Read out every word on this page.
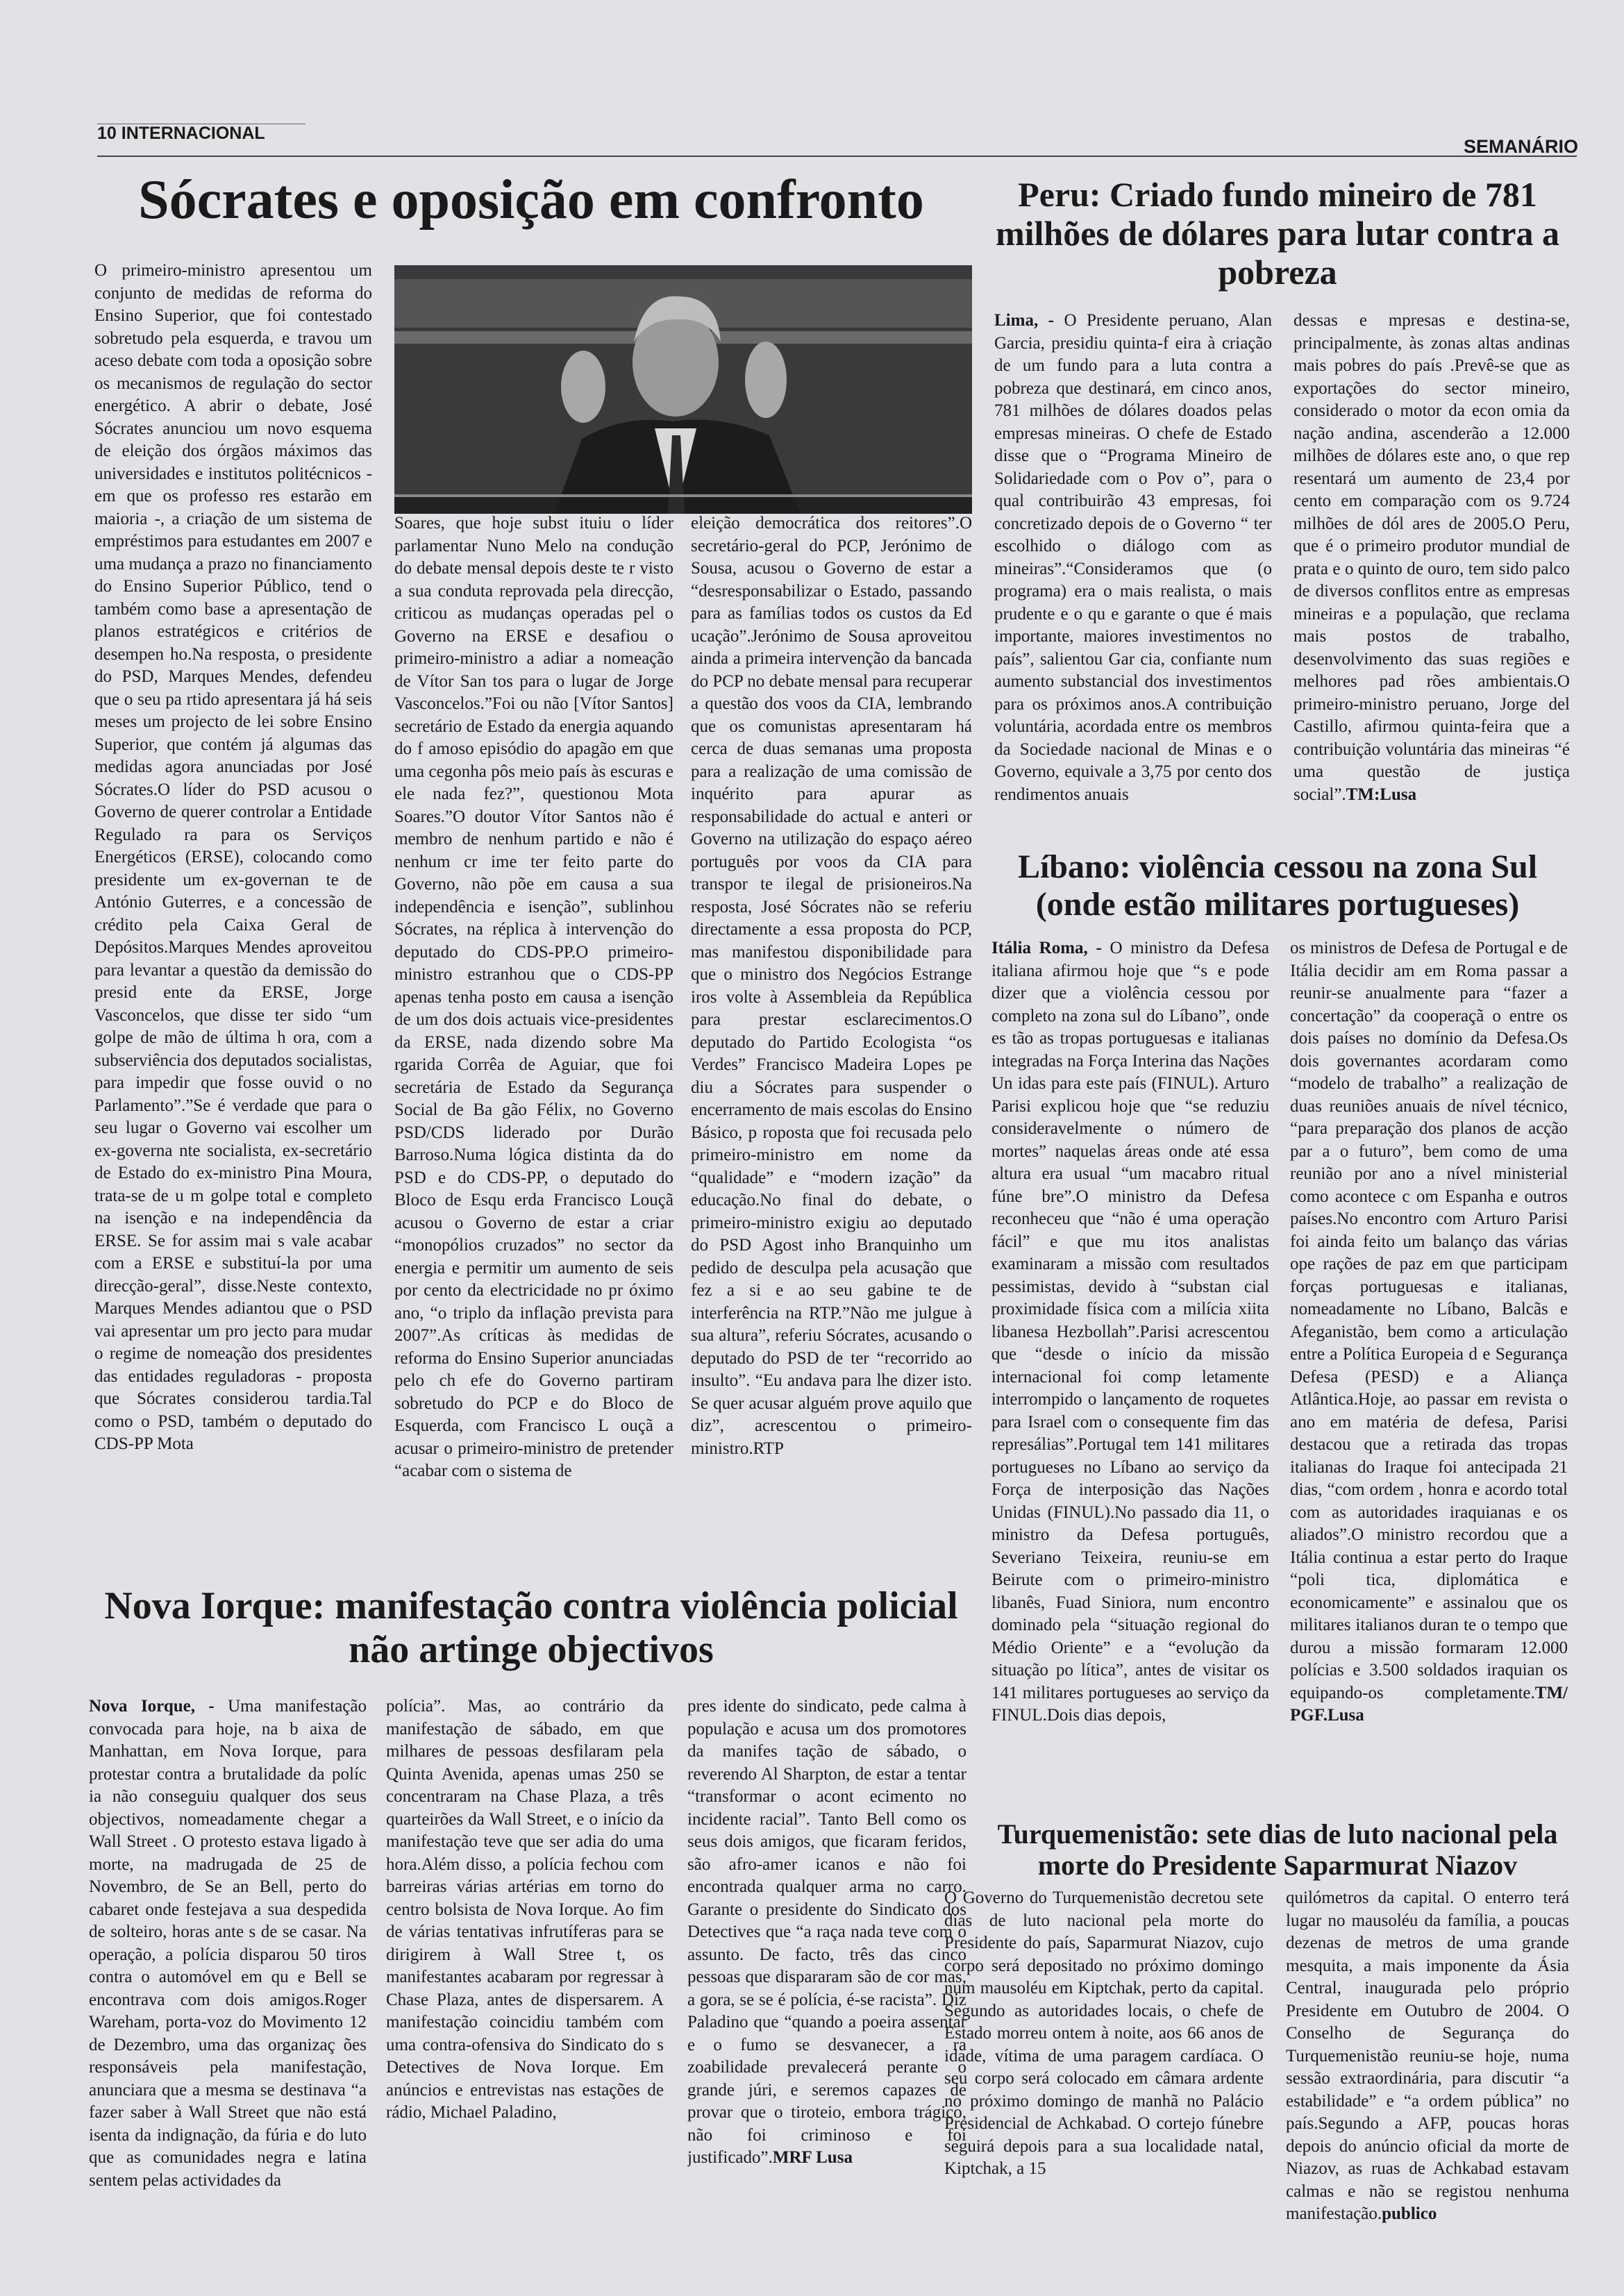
10 INTERNACIONAL
SEMANÁRIO
Sócrates e oposição em confronto

O primeiro-ministro apresentou um conjunto de medidas de reforma do Ensino Superior, que foi contestado sobretudo pela esquerda, e travou um aceso debate com toda a oposição sobre os mecanismos de regulação do sector energético. A abrir o debate, José Sócrates anunciou um novo esquema de eleição dos órgãos máximos das universidades e institutos politécnicos - em que os professo res estarão em maioria -, a criação de um sistema de empréstimos para estudantes em 2007 e uma mudança a prazo no financiamento do Ensino Superior Público, tend o também como base a apresentação de planos estratégicos e critérios de desempen ho.Na resposta, o presidente do PSD, Marques Mendes, defendeu que o seu pa rtido apresentara já há seis meses um projecto de lei sobre Ensino Superior, que contém já algumas das medidas agora anunciadas por José Sócrates.O líder do PSD acusou o Governo de querer controlar a Entidade Regulado ra para os Serviços Energéticos (ERSE), colocando como presidente um ex-governan te de António Guterres, e a concessão de crédito pela Caixa Geral de Depósitos.Marques Mendes aproveitou para levantar a questão da demissão do presid ente da ERSE, Jorge Vasconcelos, que disse ter sido “um golpe de mão de última h ora, com a subserviência dos deputados socialistas, para impedir que fosse ouvid o no Parlamento”.”Se é verdade que para o seu lugar o Governo vai escolher um ex-governa nte socialista, ex-secretário de Estado do ex-ministro Pina Moura, trata-se de u m golpe total e completo na isenção e na independência da ERSE. Se for assim mai s vale acabar com a ERSE e substituí-la por uma direcção-geral”, disse.Neste contexto, Marques Mendes adiantou que o PSD vai apresentar um pro jecto para mudar o regime de nomeação dos presidentes das entidades reguladoras - proposta que Sócrates considerou tardia.Tal como o PSD, também o deputado do CDS-PP Mota

Soares, que hoje subst ituiu o líder parlamentar Nuno Melo na condução do debate mensal depois deste te r visto a sua conduta reprovada pela direcção, criticou as mudanças operadas pel o Governo na ERSE e desafiou o primeiro-ministro a adiar a nomeação de Vítor San tos para o lugar de Jorge Vasconcelos.”Foi ou não [Vítor Santos] secretário de Estado da energia aquando do f amoso episódio do apagão em que uma cegonha pôs meio país às escuras e ele nada fez?”, questionou Mota Soares.”O doutor Vítor Santos não é membro de nenhum partido e não é nenhum cr ime ter feito parte do Governo, não põe em causa a sua independência e isenção”, sublinhou Sócrates, na réplica à intervenção do deputado do CDS-PP.O primeiro-ministro estranhou que o CDS-PP apenas tenha posto em causa a isenção de um dos dois actuais vice-presidentes da ERSE, nada dizendo sobre Ma rgarida Corrêa de Aguiar, que foi secretária de Estado da Segurança Social de Ba gão Félix, no Governo PSD/CDS liderado por Durão Barroso.Numa lógica distinta da do PSD e do CDS-PP, o deputado do Bloco de Esqu erda Francisco Louçã acusou o Governo de estar a criar “monopólios cruzados” no sector da energia e permitir um aumento de seis por cento da electricidade no pr óximo ano, “o triplo da inflação prevista para 2007”.As críticas às medidas de reforma do Ensino Superior anunciadas pelo ch efe do Governo partiram sobretudo do PCP e do Bloco de Esquerda, com Francisco L ouçã a acusar o primeiro-ministro de pretender “acabar com o sistema de

eleição democrática dos reitores”.O secretário-geral do PCP, Jerónimo de Sousa, acusou o Governo de estar a “desresponsabilizar o Estado, passando para as famílias todos os custos da Ed ucação”.Jerónimo de Sousa aproveitou ainda a primeira intervenção da bancada do PCP no debate mensal para recuperar a questão dos voos da CIA, lembrando que os comunistas apresentaram há cerca de duas semanas uma proposta para a realização de uma comissão de inquérito para apurar as responsabilidade do actual e anteri or Governo na utilização do espaço aéreo português por voos da CIA para transpor te ilegal de prisioneiros.Na resposta, José Sócrates não se referiu directamente a essa proposta do PCP, mas manifestou disponibilidade para que o ministro dos Negócios Estrange iros volte à Assembleia da República para prestar esclarecimentos.O deputado do Partido Ecologista “os Verdes” Francisco Madeira Lopes pe diu a Sócrates para suspender o encerramento de mais escolas do Ensino Básico, p roposta que foi recusada pelo primeiro-ministro em nome da “qualidade” e “modern ização” da educação.No final do debate, o primeiro-ministro exigiu ao deputado do PSD Agost inho Branquinho um pedido de desculpa pela acusação que fez a si e ao seu gabine te de interferência na RTP.”Não me julgue à sua altura”, referiu Sócrates, acusando o deputado do PSD de ter “recorrido ao insulto”. “Eu andava para lhe dizer isto. Se quer acusar alguém prove aquilo que diz”, acrescentou o primeiro-ministro.RTP

Peru: Criado fundo mineiro de 781 milhões de dólares para lutar contra a pobreza

Lima, - O Presidente peruano, Alan Garcia, presidiu quinta-f eira à criação de um fundo para a luta contra a pobreza que destinará, em cinco anos, 781 milhões de dólares doados pelas empresas mineiras. O chefe de Estado disse que o “Programa Mineiro de Solidariedade com o Pov o”, para o qual contribuirão 43 empresas, foi concretizado depois de o Governo “ ter escolhido o diálogo com as mineiras”.“Consideramos que (o programa) era o mais realista, o mais prudente e o qu e garante o que é mais importante, maiores investimentos no país”, salientou Gar cia, confiante num aumento substancial dos investimentos para os próximos anos.A contribuição voluntária, acordada entre os membros da Sociedade nacional de Minas e o Governo, equivale a 3,75 por cento dos rendimentos anuais

dessas e mpresas e destina-se, principalmente, às zonas altas andinas mais pobres do país .Prevê-se que as exportações do sector mineiro, considerado o motor da econ omia da nação andina, ascenderão a 12.000 milhões de dólares este ano, o que rep resentará um aumento de 23,4 por cento em comparação com os 9.724 milhões de dól ares de 2005.O Peru, que é o primeiro produtor mundial de prata e o quinto de ouro, tem sido palco de diversos conflitos entre as empresas mineiras e a população, que reclama mais postos de trabalho, desenvolvimento das suas regiões e melhores pad rões ambientais.O primeiro-ministro peruano, Jorge del Castillo, afirmou quinta-feira que a contribuição voluntária das mineiras “é uma questão de justiça social”.TM:Lusa

Líbano: violência cessou na zona Sul (onde estão militares portugueses)

Itália Roma, - O ministro da Defesa italiana afirmou hoje que “s e pode dizer que a violência cessou por completo na zona sul do Líbano”, onde es tão as tropas portuguesas e italianas integradas na Força Interina das Nações Un idas para este país (FINUL). Arturo Parisi explicou hoje que “se reduziu consideravelmente o número de mortes” naquelas áreas onde até essa altura era usual “um macabro ritual fúne bre”.O ministro da Defesa reconheceu que “não é uma operação fácil” e que mu itos analistas examinaram a missão com resultados pessimistas, devido à “substan cial proximidade física com a milícia xiita libanesa Hezbollah”.Parisi acrescentou que “desde o início da missão internacional foi comp letamente interrompido o lançamento de roquetes para Israel com o consequente fim das represálias”.Portugal tem 141 militares portugueses no Líbano ao serviço da Força de interposição das Nações Unidas (FINUL).No passado dia 11, o ministro da Defesa português, Severiano Teixeira, reuniu-se em Beirute com o primeiro-ministro libanês, Fuad Siniora, num encontro dominado pela “situação regional do Médio Oriente” e a “evolução da situação po lítica”, antes de visitar os 141 militares portugueses ao serviço da FINUL.Dois dias depois,

os ministros de Defesa de Portugal e de Itália decidir am em Roma passar a reunir-se anualmente para “fazer a concertação” da cooperaçã o entre os dois países no domínio da Defesa.Os dois governantes acordaram como “modelo de trabalho” a realização de duas reuniões anuais de nível técnico, “para preparação dos planos de acção par a o futuro”, bem como de uma reunião por ano a nível ministerial como acontece c om Espanha e outros países.No encontro com Arturo Parisi foi ainda feito um balanço das várias ope rações de paz em que participam forças portuguesas e italianas, nomeadamente no Líbano, Balcãs e Afeganistão, bem como a articulação entre a Política Europeia d e Segurança Defesa (PESD) e a Aliança Atlântica.Hoje, ao passar em revista o ano em matéria de defesa, Parisi destacou que a retirada das tropas italianas do Iraque foi antecipada 21 dias, “com ordem , honra e acordo total com as autoridades iraquianas e os aliados”.O ministro recordou que a Itália continua a estar perto do Iraque “poli tica, diplomática e economicamente” e assinalou que os militares italianos duran te o tempo que durou a missão formaram 12.000 polícias e 3.500 soldados iraquian os equipando-os completamente.TM/ PGF.Lusa

Nova Iorque: manifestação contra violência policial não artinge objectivos

Nova Iorque, - Uma manifestação convocada para hoje, na b aixa de Manhattan, em Nova Iorque, para protestar contra a brutalidade da políc ia não conseguiu qualquer dos seus objectivos, nomeadamente chegar a Wall Street . O protesto estava ligado à morte, na madrugada de 25 de Novembro, de Se an Bell, perto do cabaret onde festejava a sua despedida de solteiro, horas ante s de se casar. Na operação, a polícia disparou 50 tiros contra o automóvel em qu e Bell se encontrava com dois amigos.Roger Wareham, porta-voz do Movimento 12 de Dezembro, uma das organizaç ões responsáveis pela manifestação, anunciara que a mesma se destinava “a fazer saber à Wall Street que não está isenta da indignação, da fúria e do luto que as comunidades negra e latina sentem pelas actividades da

polícia”. Mas, ao contrário da manifestação de sábado, em que milhares de pessoas desfilaram pela Quinta Avenida, apenas umas 250 se concentraram na Chase Plaza, a três quarteirões da Wall Street, e o início da manifestação teve que ser adia do uma hora.Além disso, a polícia fechou com barreiras várias artérias em torno do centro bolsista de Nova Iorque. Ao fim de várias tentativas infrutíferas para se dirigirem à Wall Stree t, os manifestantes acabaram por regressar à Chase Plaza, antes de dispersarem. A manifestação coincidiu também com uma contra-ofensiva do Sindicato do s Detectives de Nova Iorque. Em anúncios e entrevistas nas estações de rádio, Michael Paladino,

pres idente do sindicato, pede calma à população e acusa um dos promotores da manifes tação de sábado, o reverendo Al Sharpton, de estar a tentar “transformar o acont ecimento no incidente racial”. Tanto Bell como os seus dois amigos, que ficaram feridos, são afro-amer icanos e não foi encontrada qualquer arma no carro. Garante o presidente do Sindicato dos Detectives que “a raça nada teve com o assunto. De facto, três das cinco pessoas que dispararam são de cor mas, a gora, se se é polícia, é-se racista”. Diz Paladino que “quando a poeira assentar e o fumo se desvanecer, a ra zoabilidade prevalecerá perante o grande júri, e seremos capazes de provar que o tiroteio, embora trágico, não foi criminoso e foi justificado”.MRF Lusa

Turquemenistão: sete dias de luto nacional pela morte do Presidente Saparmurat Niazov

O Governo do Turquemenistão decretou sete dias de luto nacional pela morte do Presidente do país, Saparmurat Niazov, cujo corpo será depositado no próximo domingo num mausoléu em Kiptchak, perto da capital. Segundo as autoridades locais, o chefe de Estado morreu ontem à noite, aos 66 anos de idade, vítima de uma paragem cardíaca. O seu corpo será colocado em câmara ardente no próximo domingo de manhã no Palácio Presidencial de Achkabad. O cortejo fúnebre seguirá depois para a sua localidade natal, Kiptchak, a 15

quilómetros da capital. O enterro terá lugar no mausoléu da família, a poucas dezenas de metros de uma grande mesquita, a mais imponente da Ásia Central, inaugurada pelo próprio Presidente em Outubro de 2004. O Conselho de Segurança do Turquemenistão reuniu-se hoje, numa sessão extraordinária, para discutir “a estabilidade” e “a ordem pública” no país.Segundo a AFP, poucas horas depois do anúncio oficial da morte de Niazov, as ruas de Achkabad estavam calmas e não se registou nenhuma manifestação.publico
